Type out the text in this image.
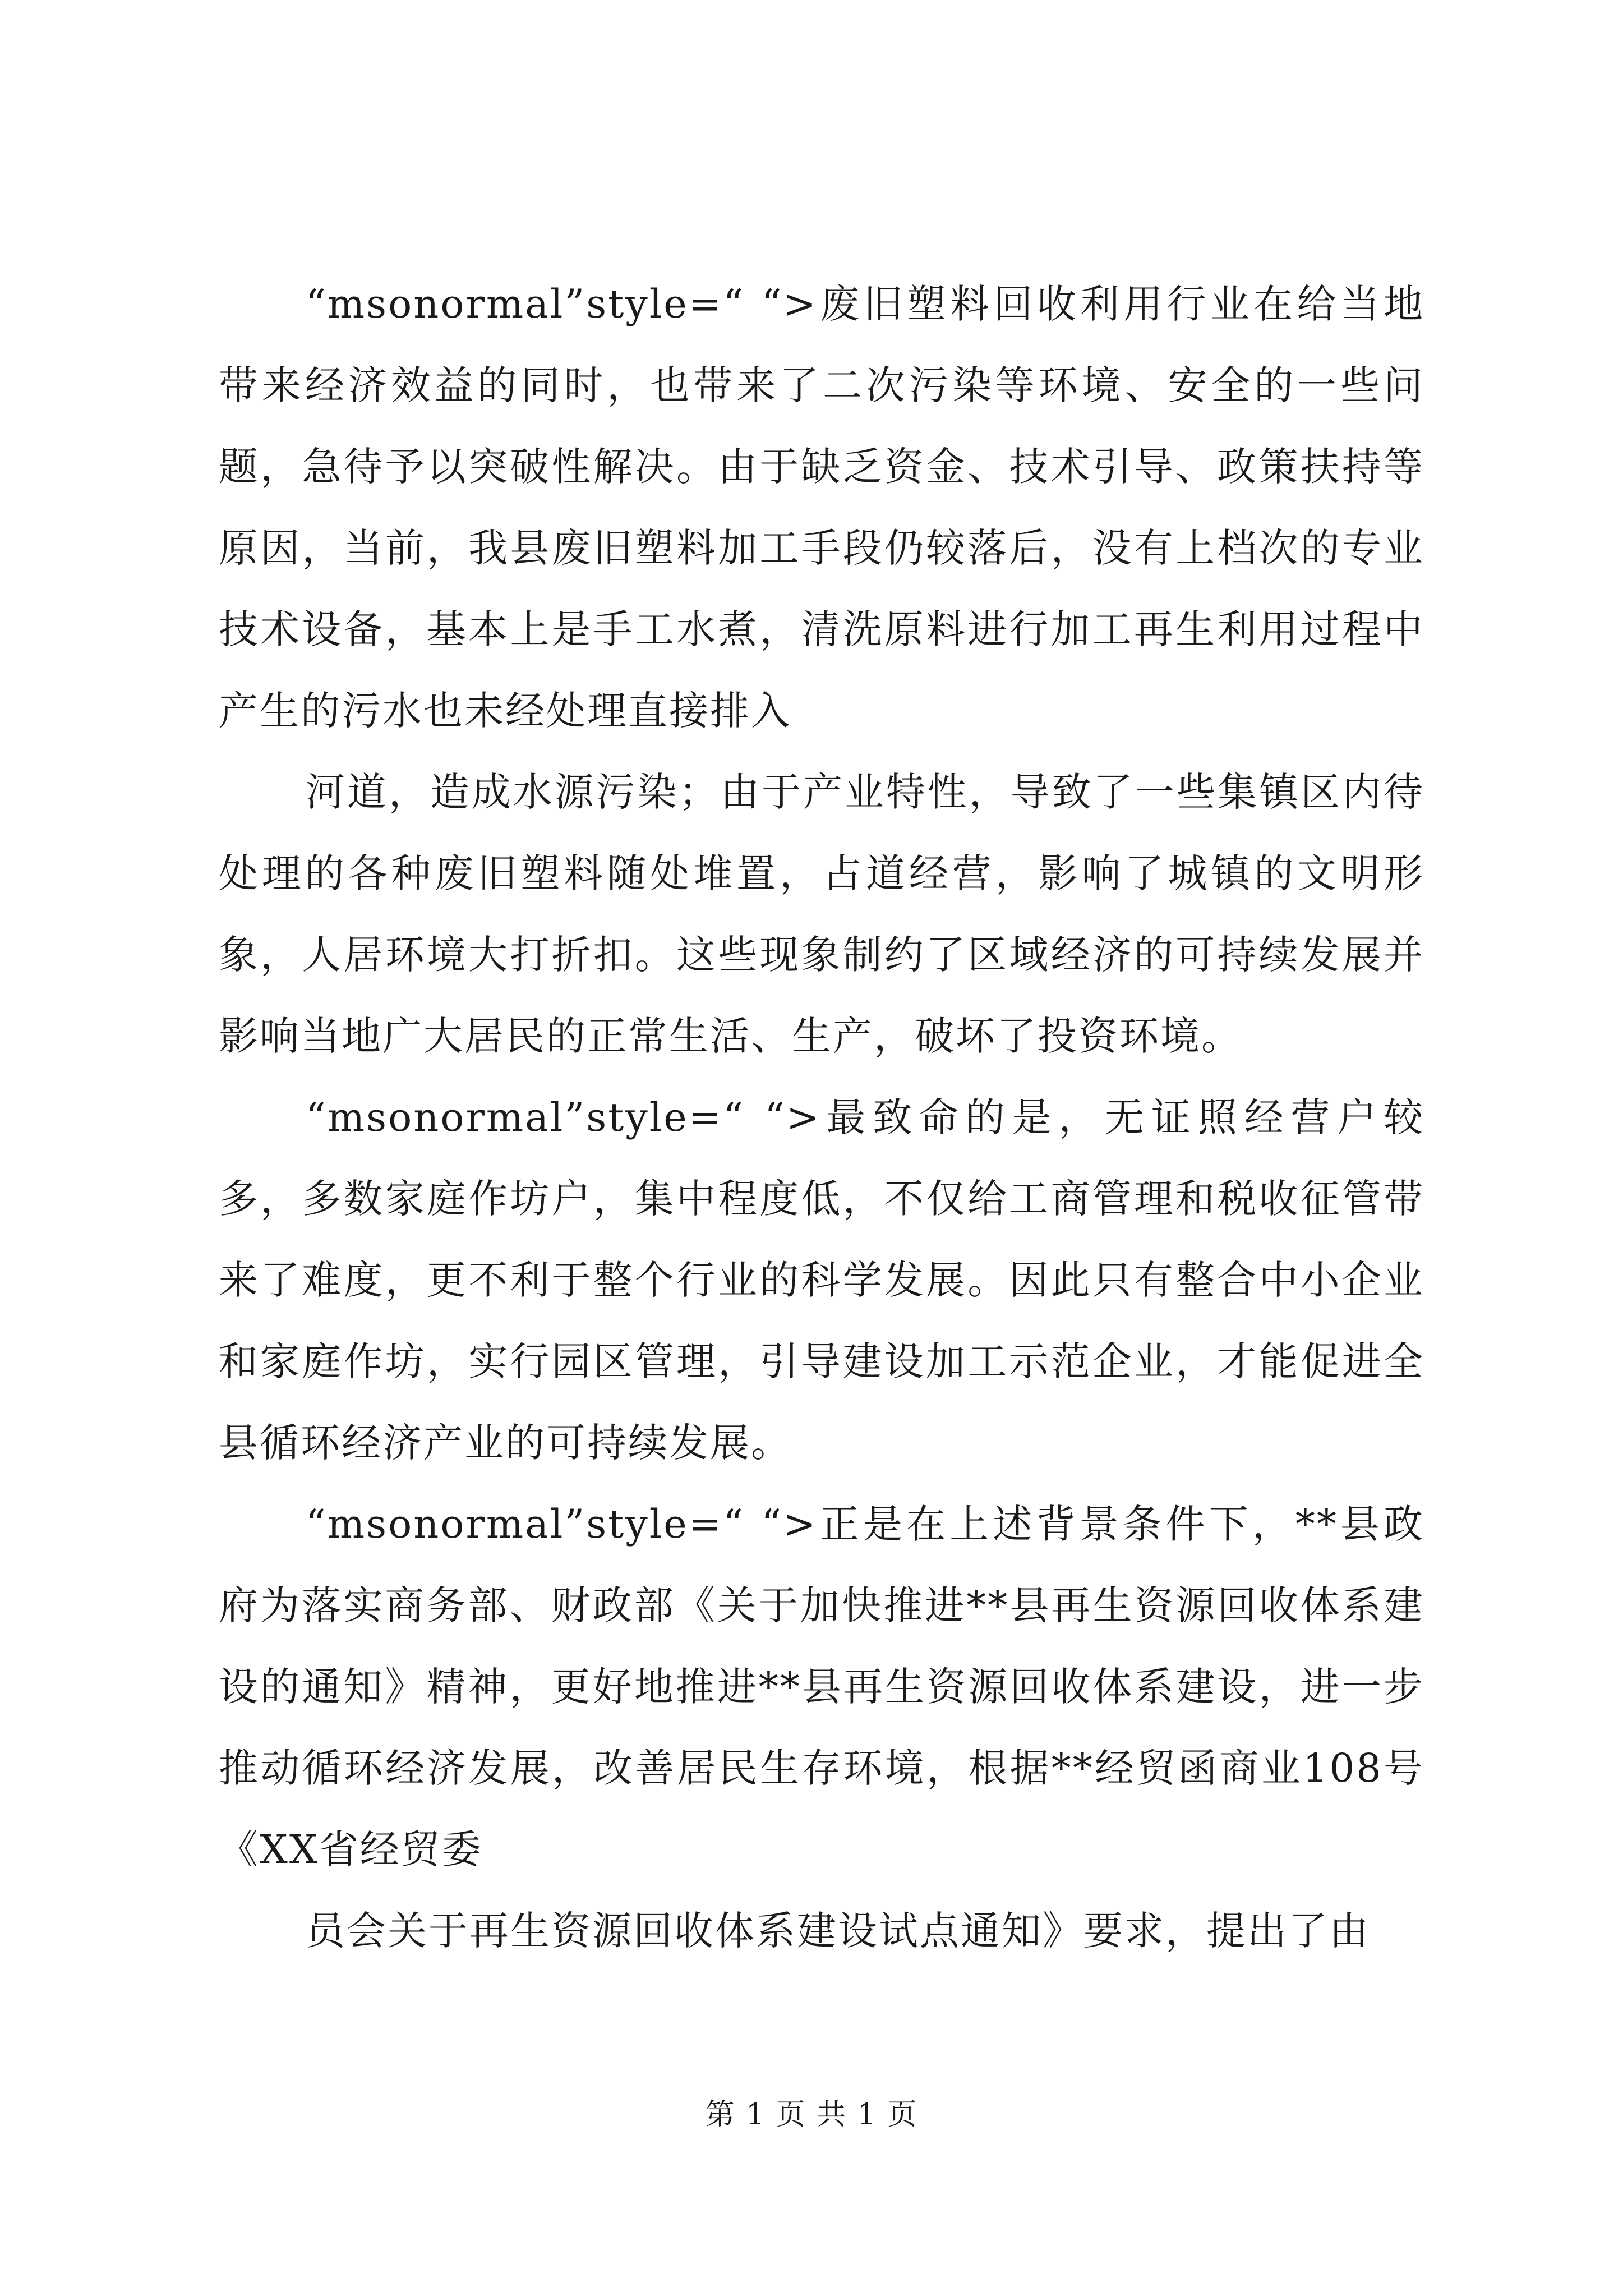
“msonormal”style=“ “>废旧塑料回收利用行业在给当地带来经济效益的同时，也带来了二次污染等环境、安全的一些问题，急待予以突破性解决。由于缺乏资金、技术引导、政策扶持等原因，当前，我县废旧塑料加工手段仍较落后，没有上档次的专业技术设备，基本上是手工水煮，清洗原料进行加工再生利用过程中产生的污水也未经处理直接排入

河道，造成水源污染；由于产业特性，导致了一些集镇区内待处理的各种废旧塑料随处堆置，占道经营，影响了城镇的文明形象，人居环境大打折扣。这些现象制约了区域经济的可持续发展并影响当地广大居民的正常生活、生产，破坏了投资环境。

“msonormal”style=“ “>最致命的是，无证照经营户较多，多数家庭作坊户，集中程度低，不仅给工商管理和税收征管带来了难度，更不利于整个行业的科学发展。因此只有整合中小企业和家庭作坊，实行园区管理，引导建设加工示范企业，才能促进全县循环经济产业的可持续发展。

“msonormal”style=“ “>正是在上述背景条件下，**县政府为落实商务部、财政部《关于加快推进**县再生资源回收体系建设的通知》精神，更好地推进**县再生资源回收体系建设，进一步推动循环经济发展，改善居民生存环境，根据**经贸函商业108号《XX省经贸委

员会关于再生资源回收体系建设试点通知》要求，提出了由

第 1 页 共 1 页
